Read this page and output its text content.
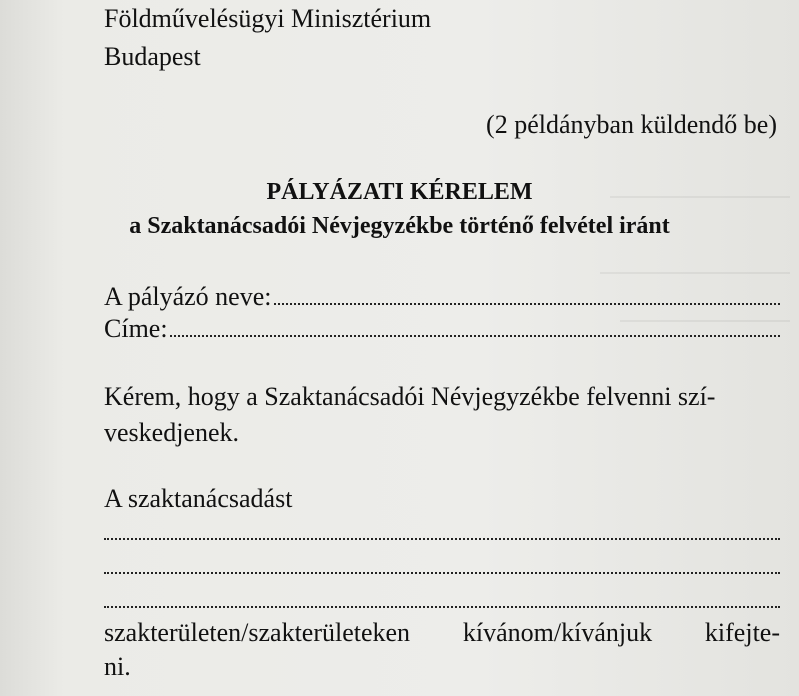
Földművelésügyi Minisztérium
Budapest
(2 példányban küldendő be)
PÁLYÁZATI KÉRELEM
a Szaktanácsadói Névjegyzékbe történő felvétel iránt
A pályázó neve:
Címe:
Kérem, hogy a Szaktanácsadói Névjegyzékbe felvenni szí-
veskedjenek.
A szaktanácsadást
szakterületen/szakterületeken kívánom/kívánjuk kifejte-
ni.
